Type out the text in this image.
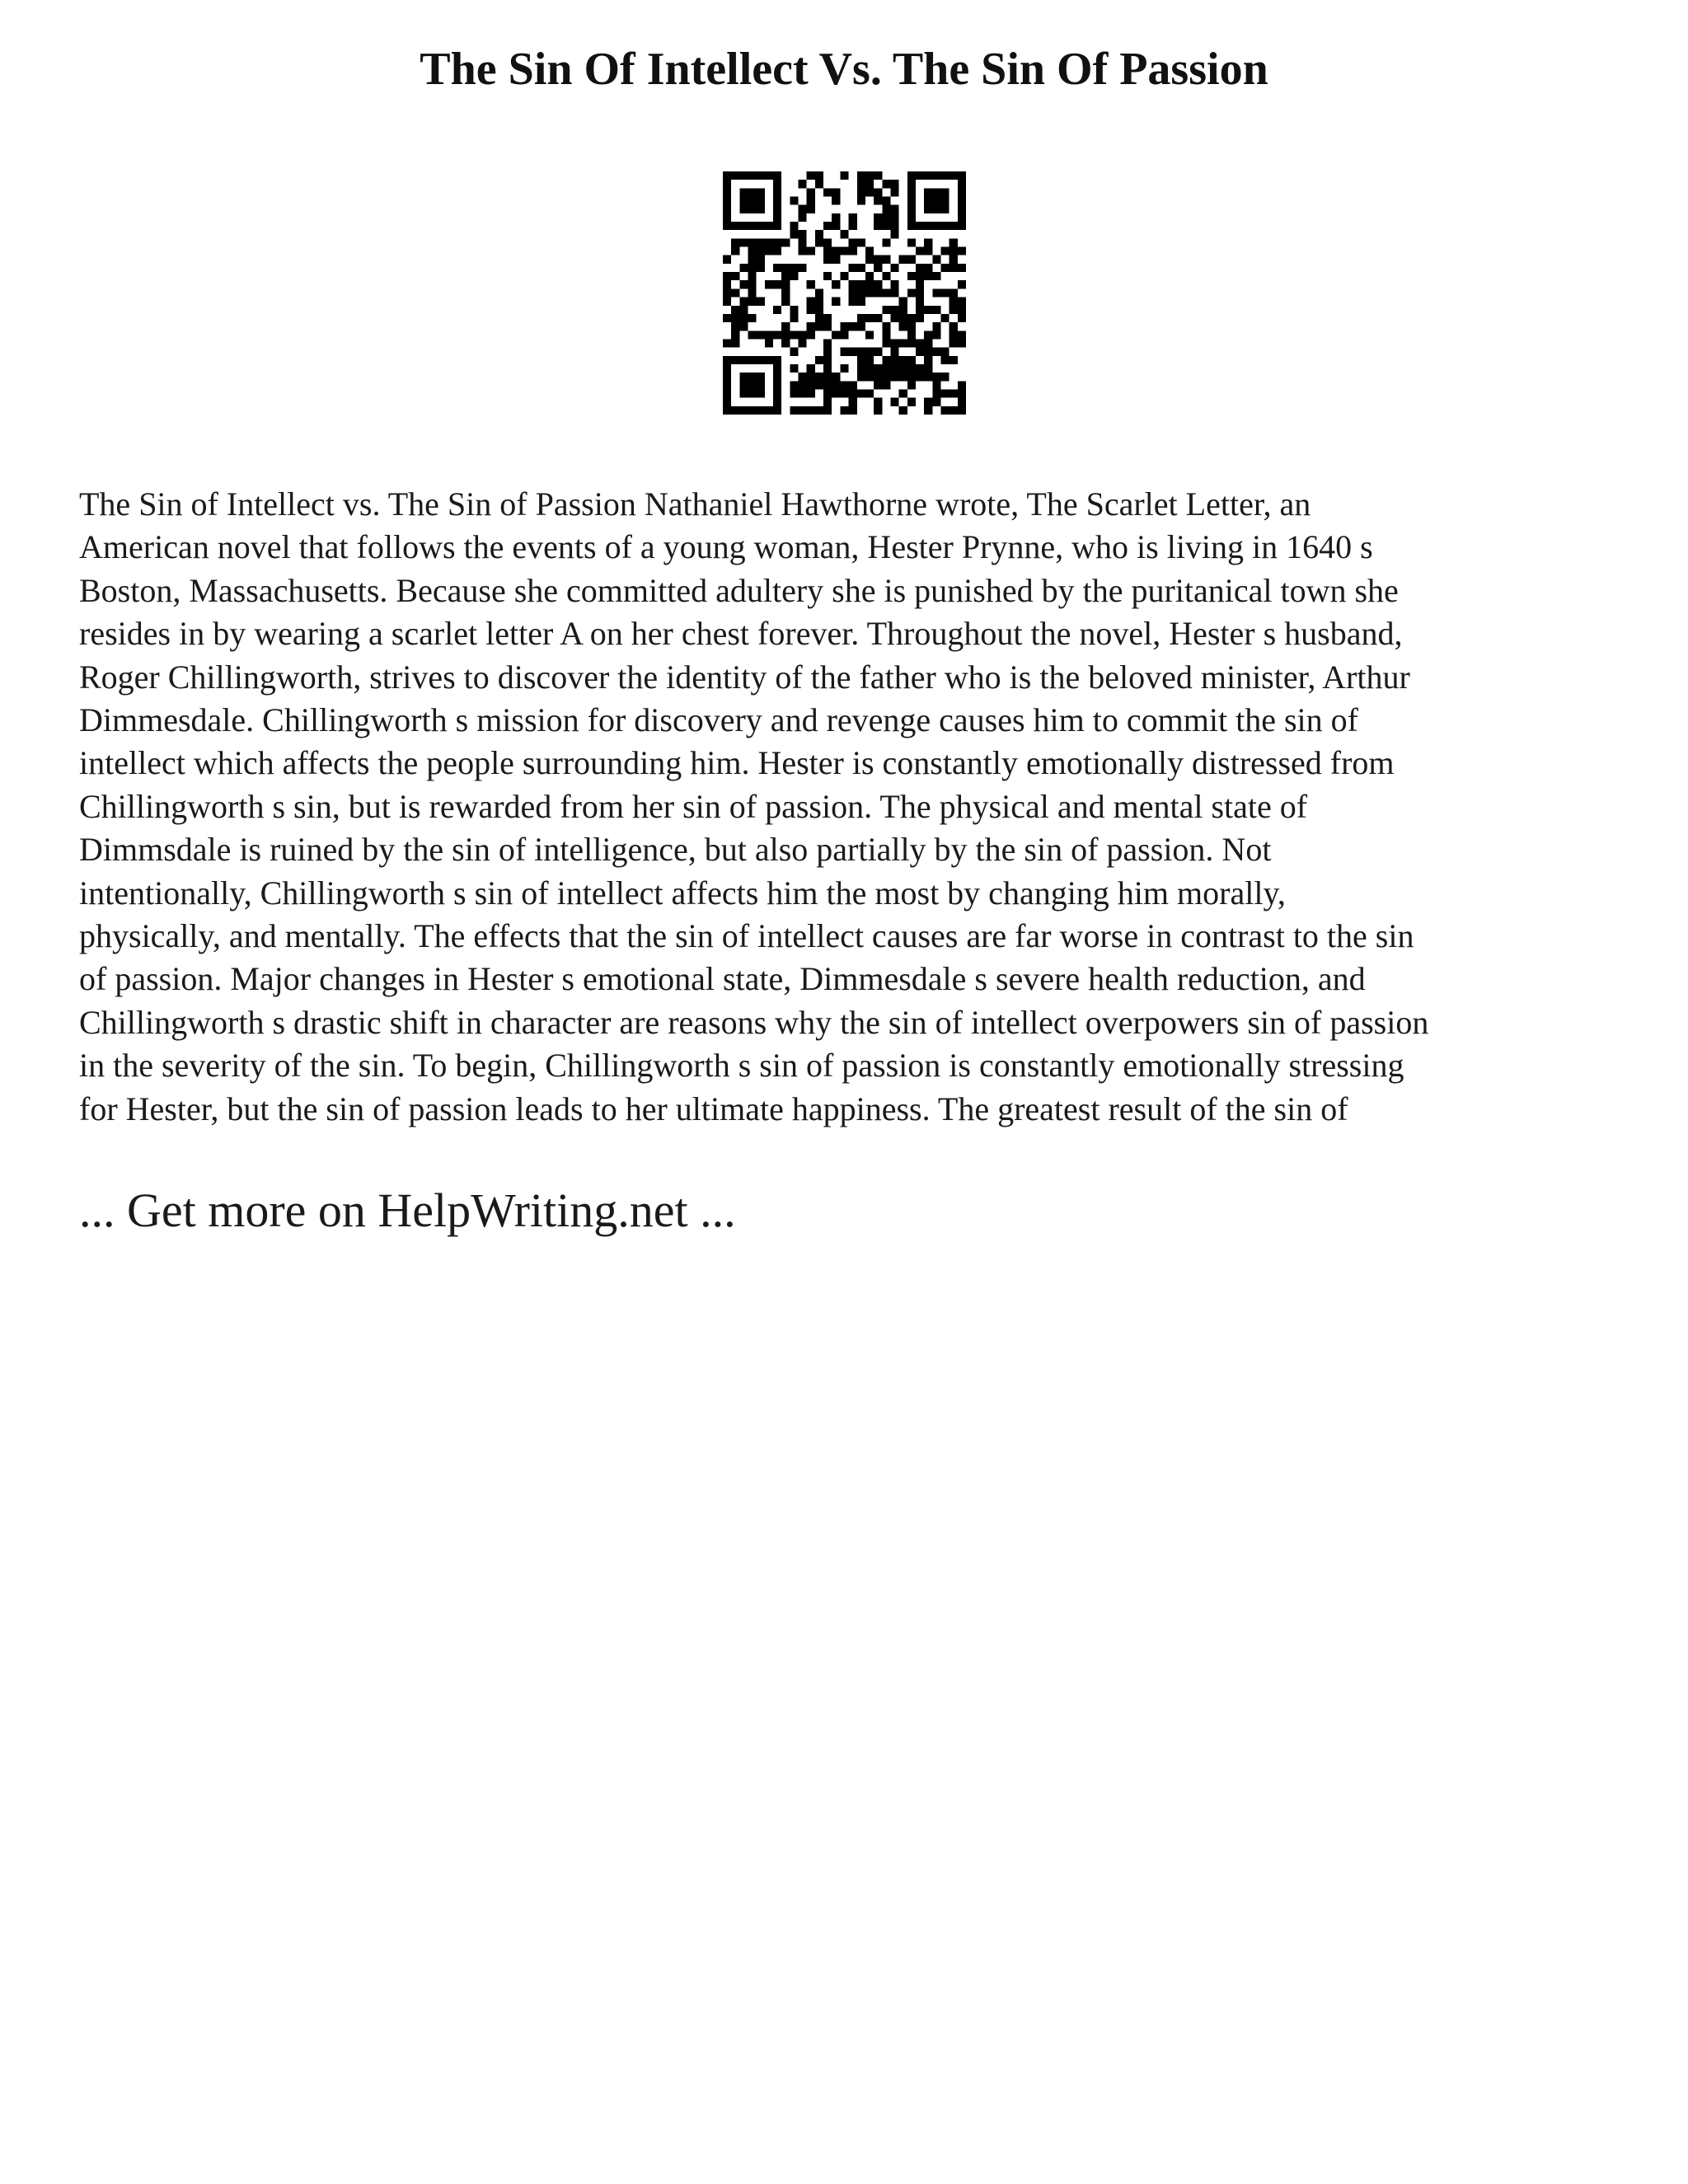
The Sin Of Intellect Vs. The Sin Of Passion

The Sin of Intellect vs. The Sin of Passion Nathaniel Hawthorne wrote, The Scarlet Letter, an
American novel that follows the events of a young woman, Hester Prynne, who is living in 1640 s
Boston, Massachusetts. Because she committed adultery she is punished by the puritanical town she
resides in by wearing a scarlet letter A on her chest forever. Throughout the novel, Hester s husband,
Roger Chillingworth, strives to discover the identity of the father who is the beloved minister, Arthur
Dimmesdale. Chillingworth s mission for discovery and revenge causes him to commit the sin of
intellect which affects the people surrounding him. Hester is constantly emotionally distressed from
Chillingworth s sin, but is rewarded from her sin of passion. The physical and mental state of
Dimmsdale is ruined by the sin of intelligence, but also partially by the sin of passion. Not
intentionally, Chillingworth s sin of intellect affects him the most by changing him morally,
physically, and mentally. The effects that the sin of intellect causes are far worse in contrast to the sin
of passion. Major changes in Hester s emotional state, Dimmesdale s severe health reduction, and
Chillingworth s drastic shift in character are reasons why the sin of intellect overpowers sin of passion
in the severity of the sin. To begin, Chillingworth s sin of passion is constantly emotionally stressing
for Hester, but the sin of passion leads to her ultimate happiness. The greatest result of the sin of

... Get more on HelpWriting.net ...
